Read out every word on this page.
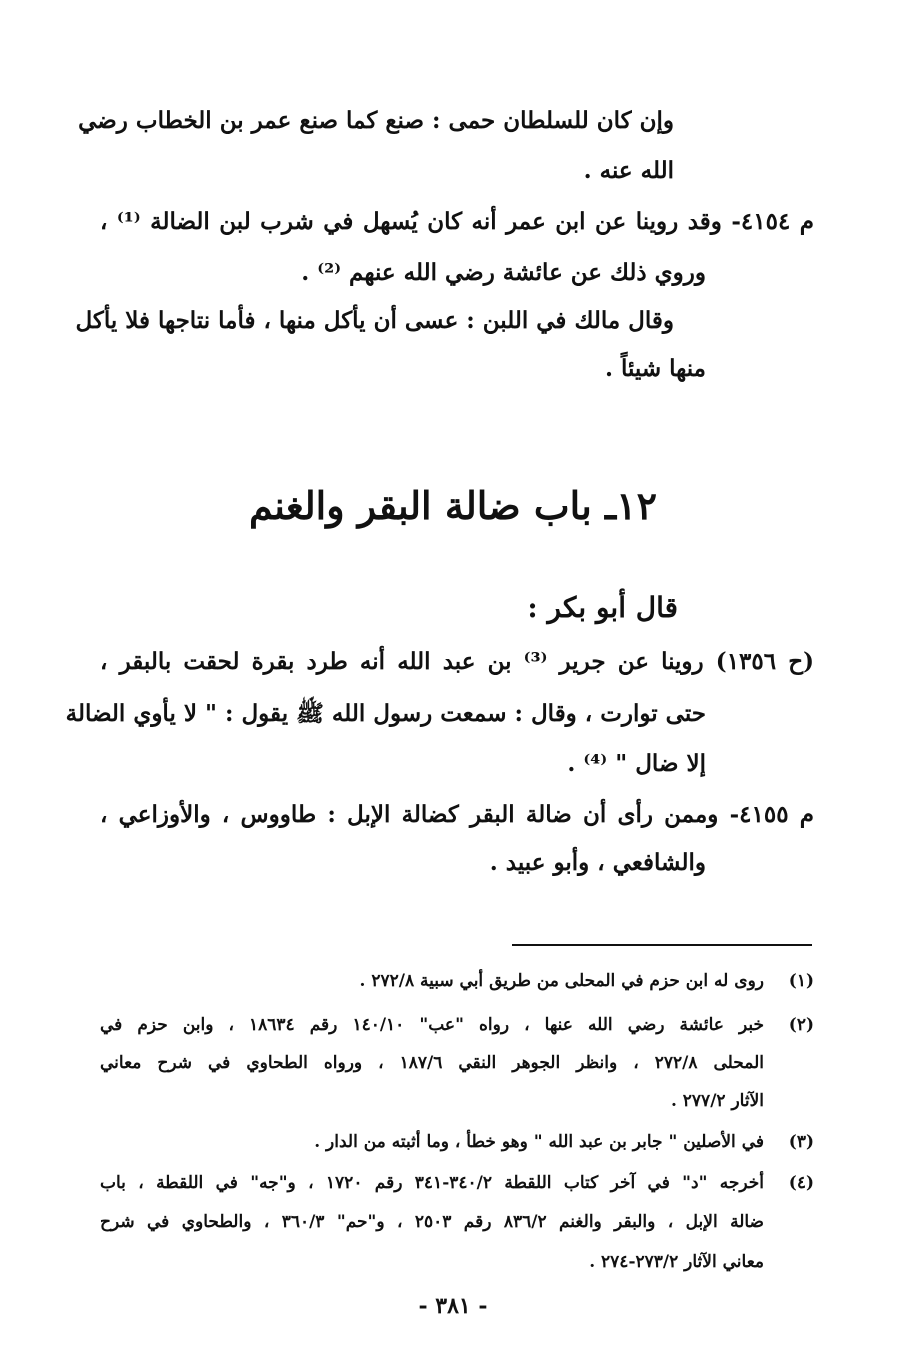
وإن كان للسلطان حمى : صنع كما صنع عمر بن الخطاب رضي
الله عنه .
م ٤١٥٤- وقد روينا عن ابن عمر أنه كان يُسهل في شرب لبن الضالة ⁽¹⁾ ،
وروي ذلك عن عائشة رضي الله عنهم ⁽²⁾ .
وقال مالك في اللبن : عسى أن يأكل منها ، فأما نتاجها فلا يأكل
منها شيئاً .
١٢ـ باب ضالة البقر والغنم
قال أبو بكر :
(ح ١٣٥٦) روينا عن جرير ⁽³⁾ بن عبد الله أنه طرد بقرة لحقت بالبقر ،
حتى توارت ، وقال : سمعت رسول الله ﷺ يقول : " لا يأوي الضالة
إلا ضال " ⁽⁴⁾ .
م ٤١٥٥- وممن رأى أن ضالة البقر كضالة الإبل : طاووس ، والأوزاعي ،
والشافعي ، وأبو عبيد .
(١)
روى له ابن حزم في المحلى من طريق أبي سبية ٢٧٢/٨ .
(٢)
خبر عائشة رضي الله عنها ، رواه "عب" ١٤٠/١٠ رقم ١٨٦٣٤ ، وابن حزم في
المحلى ٢٧٢/٨ ، وانظر الجوهر النقي ١٨٧/٦ ، ورواه الطحاوي في شرح معاني
الآثار ٢٧٧/٢ .
(٣)
في الأصلين " جابر بن عبد الله " وهو خطأ ، وما أثبته من الدار .
(٤)
أخرجه "د" في آخر كتاب اللقطة ٣٤٠/٢-٣٤١ رقم ١٧٢٠ ، و"جه" في اللقطة ، باب
ضالة الإبل ، والبقر والغنم ٨٣٦/٢ رقم ٢٥٠٣ ، و"حم" ٣٦٠/٣ ، والطحاوي في شرح
معاني الآثار ٢٧٣/٢-٢٧٤ .
- ٣٨١ -
